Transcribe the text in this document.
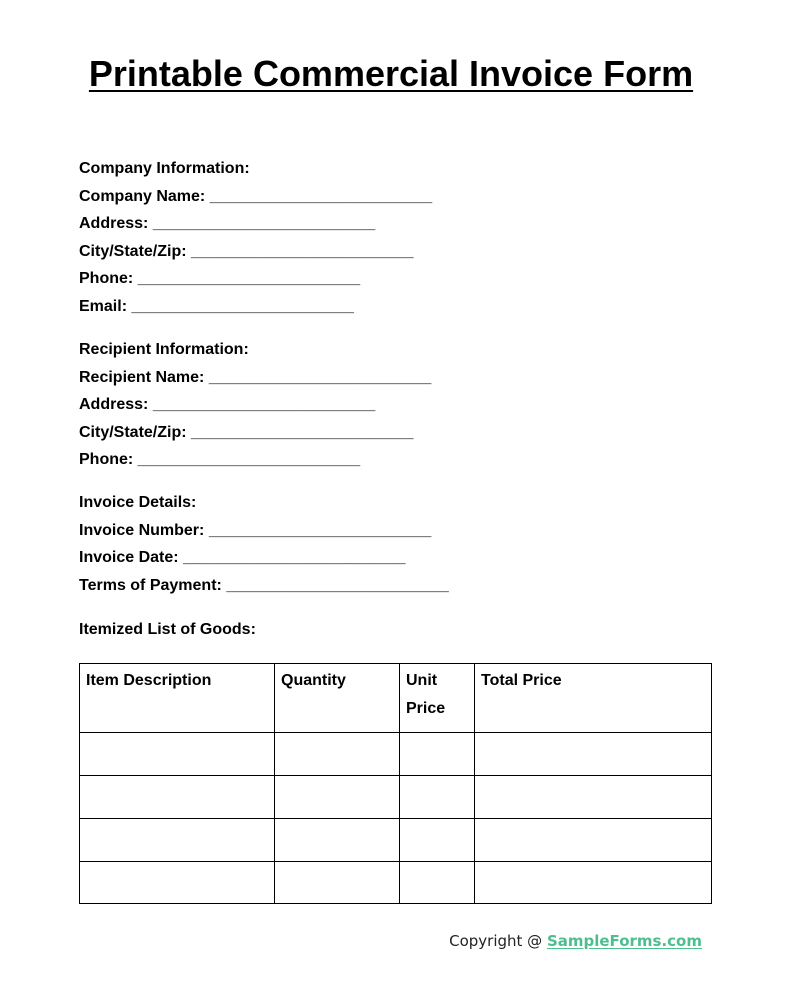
Printable Commercial Invoice Form
Company Information:
Company Name: _________________________
Address: _________________________
City/State/Zip: _________________________
Phone: _________________________
Email: _________________________
Recipient Information:
Recipient Name: _________________________
Address: _________________________
City/State/Zip: _________________________
Phone: _________________________
Invoice Details:
Invoice Number: _________________________
Invoice Date: _________________________
Terms of Payment: _________________________
Itemized List of Goods:
Item Description	Quantity	Unit Price	Total Price

Copyright @ SampleForms.com
